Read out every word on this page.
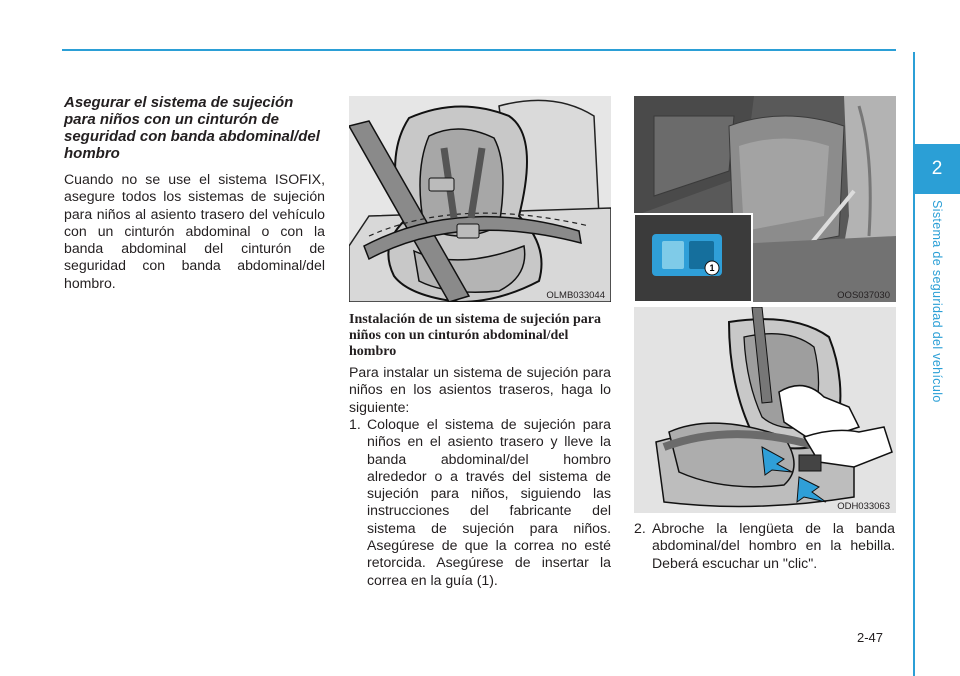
2
Sistema de seguridad del vehículo
Asegurar el sistema de sujeción para niños con un cinturón de seguridad con banda abdominal/del hombro

Cuando no se use el sistema ISOFIX, asegure todos los sistemas de sujeción para niños al asiento trasero del vehículo con un cinturón abdominal o con la banda abdominal del cinturón de seguridad con banda abdominal/del hombro.

OLMB033044
1
OOS037030
ODH033063
Instalación de un sistema de sujeción para niños con un cinturón abdominal/del hombro

Para instalar un sistema de sujeción para niños en los asientos traseros, haga lo siguiente:

1. Coloque el sistema de sujeción para niños en el asiento trasero y lleve la banda abdominal/del hombro alrededor o a través del sistema de sujeción para niños, siguiendo las instrucciones del fabricante del sistema de sujeción para niños. Asegúrese de que la correa no esté retorcida. Asegúrese de insertar la correa en la guía (1).
2. Abroche la lengüeta de la banda abdominal/del hombro en la hebilla. Deberá escuchar un "clic".
2-47
